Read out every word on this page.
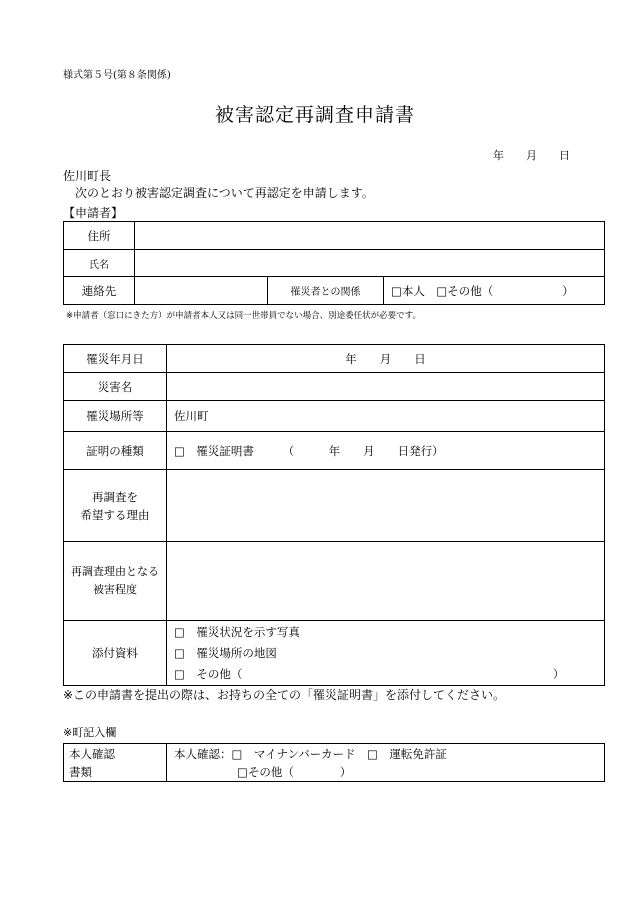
様式第５号(第８条関係)
被害認定再調査申請書
年 月 日
佐川町長
次のとおり被害認定調査について再認定を申請します。
【申請者】
住所			
氏名			
連絡先		罹災者との関係	□本人　□その他（　　　　　　）
※申請者（窓口にきた方）が申請者本人又は同一世帯員でない場合、別途委任状が必要です。
罹災年月日	年　　月　　日
災害名	
罹災場所等	佐川町
証明の種類	□　罹災証明書　　　（　　　年　　月　　日発行）

再調査を
希望する理由	

再調査理由となる
被害程度	

添付資料	□　罹災状況を示す写真
□　罹災場所の地図
□　その他（　　　　　　　　　　　　　　　　　　　　　　　　　　　）
※この申請書を提出の際は、お持ちの全ての「罹災証明書」を添付してください。
※町記入欄
本人確認
書類

本人確認：□　マイナンバーカード　□　運転免許証
□その他（　　　　）
